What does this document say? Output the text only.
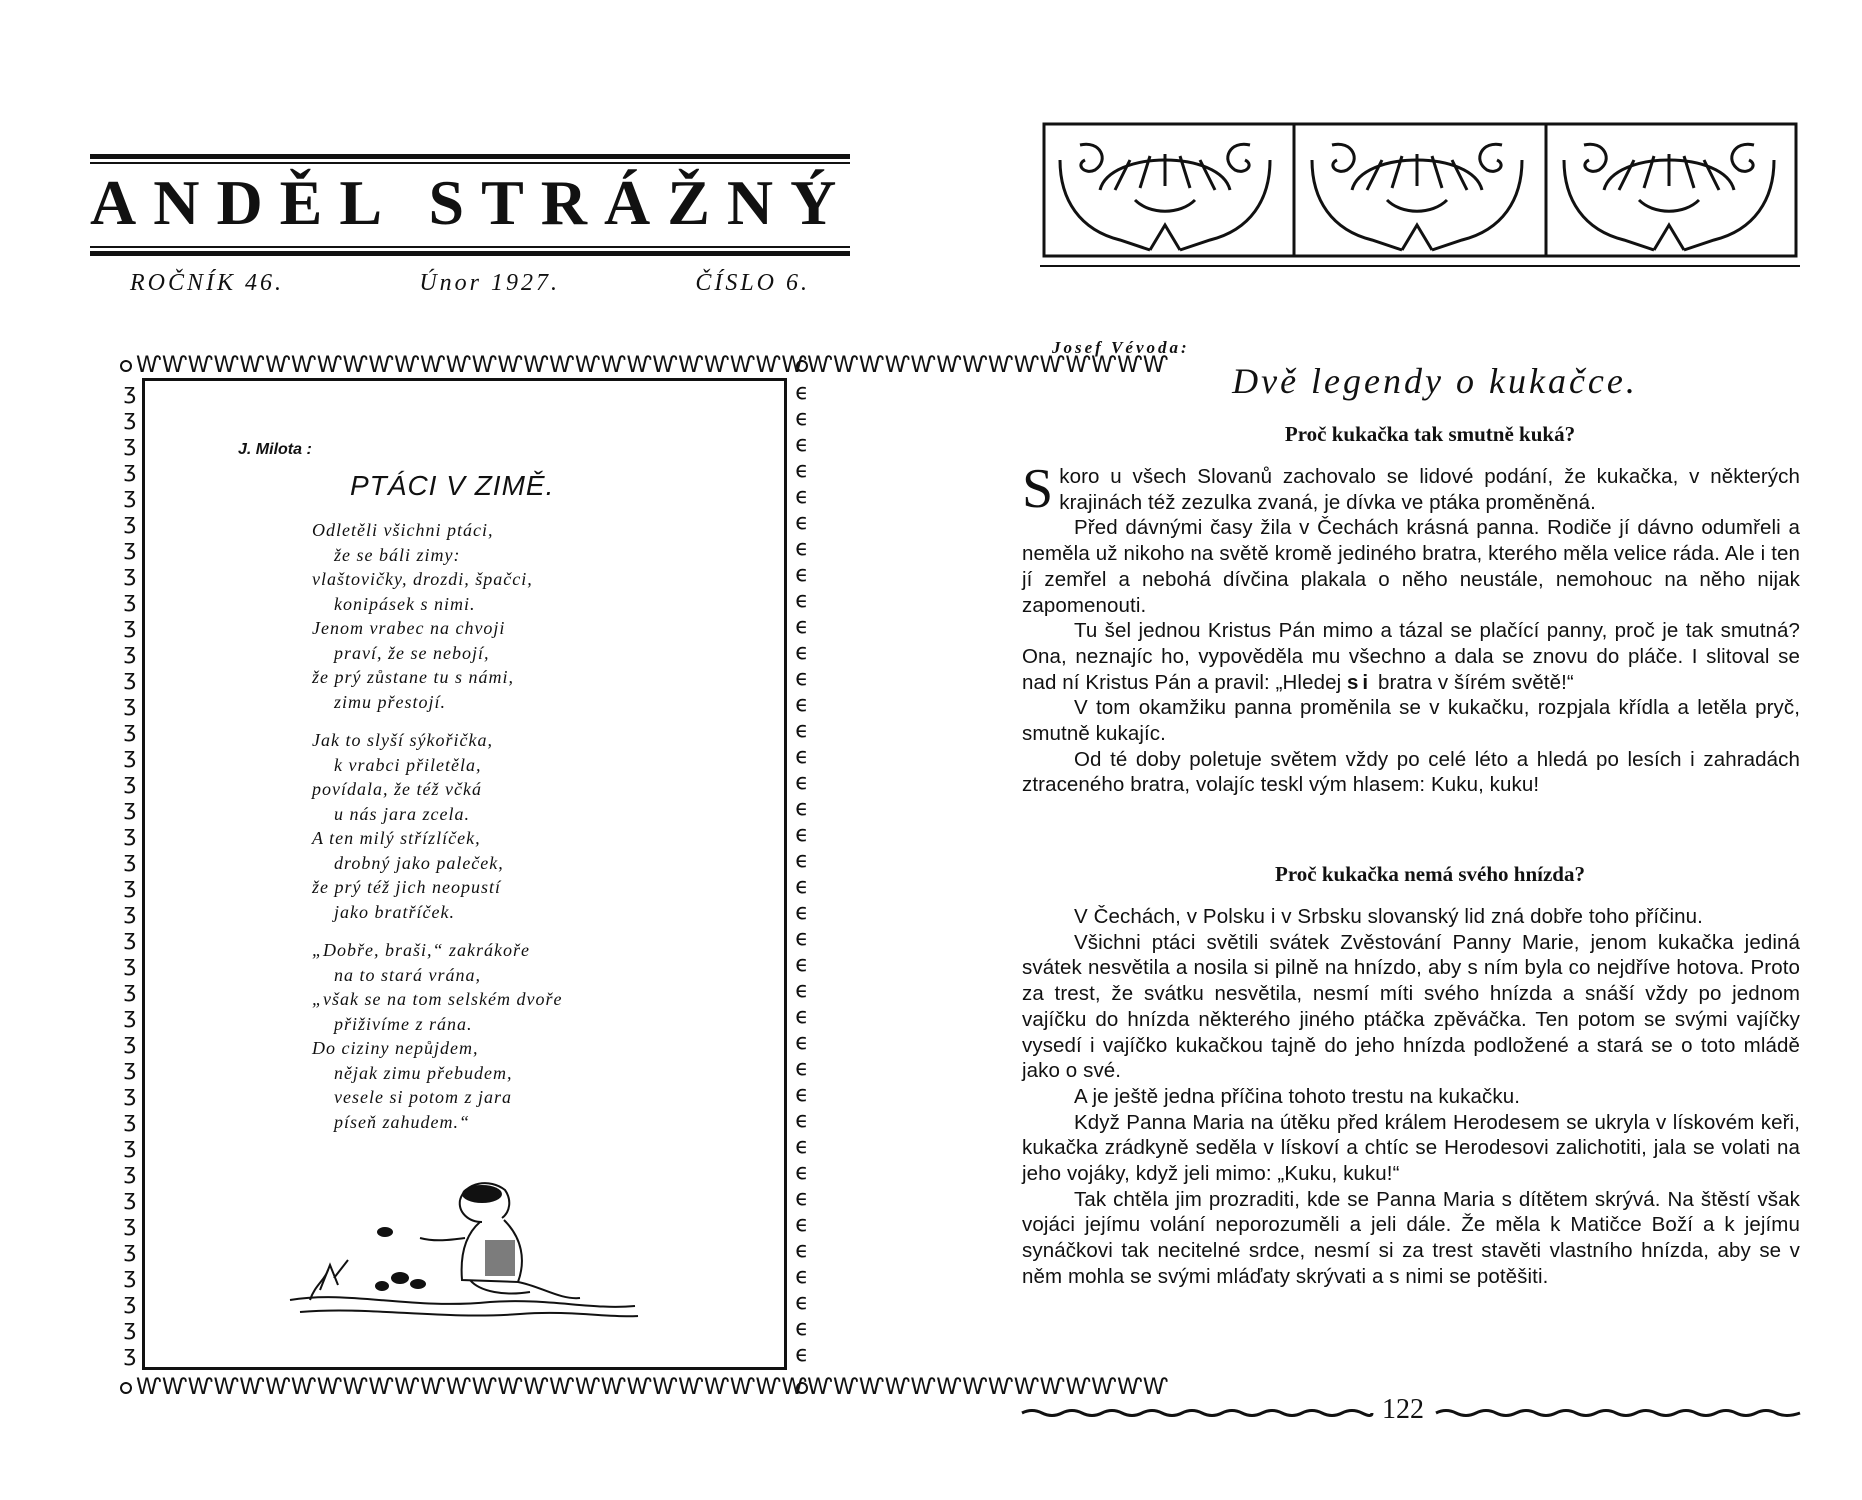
ANDĚL STRÁŽNÝ
ROČNÍK 46.	Únor 1927.	ČÍSLO 6.
ⱲⱲⱲⱲⱲⱲⱲⱲⱲⱲⱲⱲⱲⱲⱲⱲⱲⱲⱲⱲⱲⱲⱲⱲⱲⱲⱲⱲⱲⱲⱲⱲⱲⱲⱲⱲⱲⱲⱲⱲ
ⱲⱲⱲⱲⱲⱲⱲⱲⱲⱲⱲⱲⱲⱲⱲⱲⱲⱲⱲⱲⱲⱲⱲⱲⱲⱲⱲⱲⱲⱲⱲⱲⱲⱲⱲⱲⱲⱲⱲⱲ
ʒ ʒ ʒ ʒ ʒ ʒ ʒ ʒ ʒ ʒ ʒ ʒ ʒ ʒ ʒ ʒ ʒ ʒ ʒ ʒ ʒ ʒ ʒ ʒ ʒ ʒ ʒ ʒ ʒ ʒ ʒ ʒ ʒ ʒ ʒ ʒ ʒ ʒ
ϵ ϵ ϵ ϵ ϵ ϵ ϵ ϵ ϵ ϵ ϵ ϵ ϵ ϵ ϵ ϵ ϵ ϵ ϵ ϵ ϵ ϵ ϵ ϵ ϵ ϵ ϵ ϵ ϵ ϵ ϵ ϵ ϵ ϵ ϵ ϵ ϵ ϵ
J. Milota :
PTÁCI V ZIMĚ.
Odletěli všichni ptáci,
že se báli zimy:
vlaštovičky, drozdi, špačci,
konipásek s nimi.
Jenom vrabec na chvoji
praví, že se nebojí,
že prý zůstane tu s námi,
zimu přestojí.
Jak to slyší sýkořička,
k vrabci přiletěla,
povídala, že též včká
u nás jara zcela.
A ten milý střízlíček,
drobný jako paleček,
že prý též jich neopustí
jako bratříček.
„Dobře, braši,“ zakrákoře
na to stará vrána,
„však se na tom selském dvoře
přiživíme z rána.
Do ciziny nepůjdem,
nějak zimu přebudem,
vesele si potom z jara
píseň zahudem.“
Josef Vévoda:
Dvě legendy o kukačce.
Proč kukačka tak smutně kuká?

Skoro u všech Slovanů zachovalo se lidové podání, že kukačka, v některých krajinách též zezulka zvaná, je dívka ve ptáka proměněná.

Před dávnými časy žila v Čechách krásná panna. Rodiče jí dávno odumřeli a neměla už nikoho na světě kromě jediného bratra, kterého měla velice ráda. Ale i ten jí zemřel a nebohá dívčina plakala o něho neustále, nemohouc na něho nijak zapomenouti.

Tu šel jednou Kristus Pán mimo a tázal se plačící panny, proč je tak smutná? Ona, neznajíc ho, vypověděla mu všechno a dala se znovu do pláče. I slitoval se nad ní Kristus Pán a pravil: „Hledej si bratra v šírém světě!“

V tom okamžiku panna proměnila se v kukačku, rozpjala křídla a letěla pryč, smutně kukajíc.

Od té doby poletuje světem vždy po celé léto a hledá po lesích i zahradách ztraceného bratra, volajíc teskl vým hlasem: Kuku, kuku!

Proč kukačka nemá svého hnízda?

V Čechách, v Polsku i v Srbsku slovanský lid zná dobře toho příčinu.

Všichni ptáci světili svátek Zvěstování Panny Marie, jenom kukačka jediná svátek nesvětila a nosila si pilně na hnízdo, aby s ním byla co nejdříve hotova. Proto za trest, že svátku nesvětila, nesmí míti svého hnízda a snáší vždy po jednom vajíčku do hnízda některého jiného ptáčka zpěváčka. Ten potom se svými vajíčky vysedí i vajíčko kukačkou tajně do jeho hnízda podložené a stará se o toto mládě jako o své.

A je ještě jedna příčina tohoto trestu na kukačku.

Když Panna Maria na útěku před králem Herodesem se ukryla v lískovém keři, kukačka zrádkyně seděla v lískoví a chtíc se Herodesovi zalichotiti, jala se volati na jeho vojáky, když jeli mimo: „Kuku, kuku!“

Tak chtěla jim prozraditi, kde se Panna Maria s dítětem skrývá. Na štěstí však vojáci jejímu volání neporozuměli a jeli dále. Že měla k Matičce Boží a k jejímu synáčkovi tak necitelné srdce, nesmí si za trest stavěti vlastního hnízda, aby se v něm mohla se svými mláďaty skrývati a s nimi se potěšiti.

122
